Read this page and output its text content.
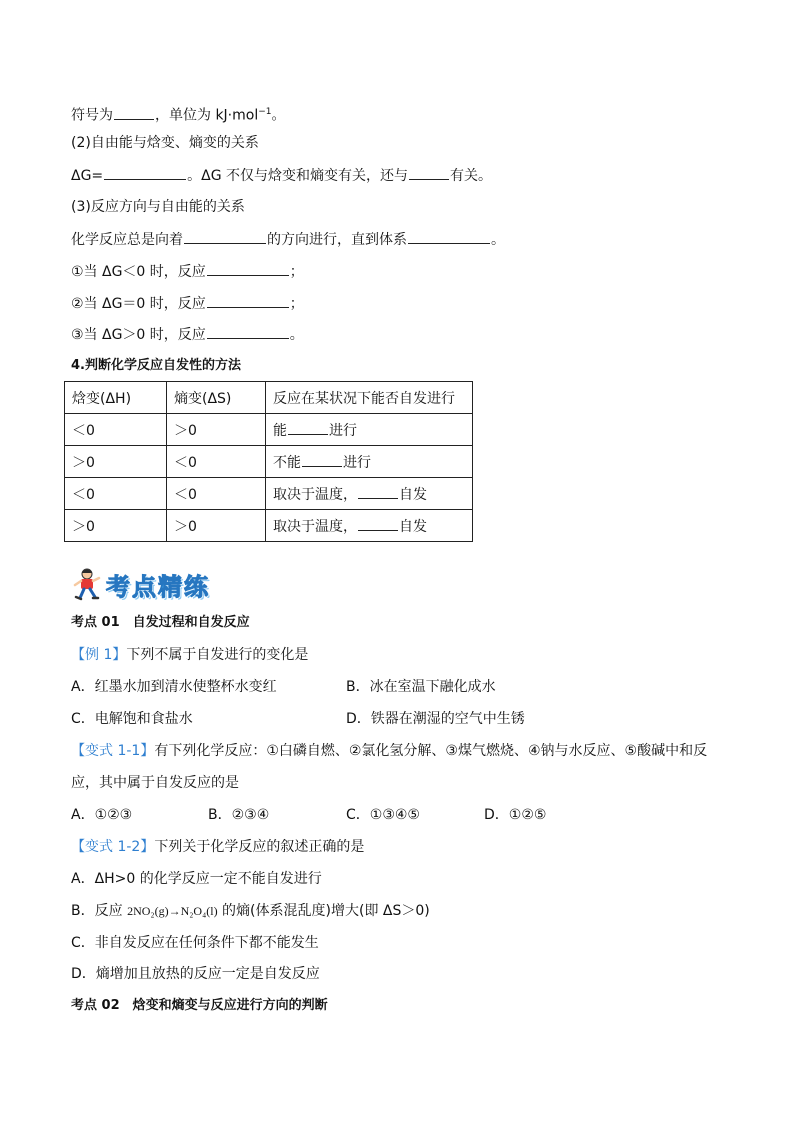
符号为	，单位为 kJ·mol$^{-1}$。
(2)自由能与焓变、熵变的关系
ΔG=	。ΔG 不仅与焓变和熵变有关，还与	有关。
(3)反应方向与自由能的关系
化学反应总是向着	的方向进行，直到体系	。
①当 ΔG＜0 时，反应	；
②当 ΔG＝0 时，反应	；
③当 ΔG＞0 时，反应	。
4.判断化学反应自发性的方法
焓变(ΔH)	熵变(ΔS)	反应在某状况下能否自发进行
＜0	＞0	能 进行
＞0	＜0	不能 进行
＜0	＜0	取决于温度， 自发
＞0	＞0	取决于温度， 自发
考点精练
考点 01　自发过程和自发反应
【例 1】下列不属于自发进行的变化是
A．红墨水加到清水使整杯水变红	B．冰在室温下融化成水
C．电解饱和食盐水	D．铁器在潮湿的空气中生锈
【变式 1-1】有下列化学反应：①白磷自燃、②氯化氢分解、③煤气燃烧、④钠与水反应、⑤酸碱中和反
应，其中属于自发反应的是
A．①②③	B．②③④	C．①③④⑤	D．①②⑤
【变式 1-2】下列关于化学反应的叙述正确的是
A．ΔH>0 的化学反应一定不能自发进行
B．反应 2NO₂(g)→N₂O₄(l) 的熵(体系混乱度)增大(即 ΔS＞0)
C．非自发反应在任何条件下都不能发生
D．熵增加且放热的反应一定是自发反应
考点 02　焓变和熵变与反应进行方向的判断
